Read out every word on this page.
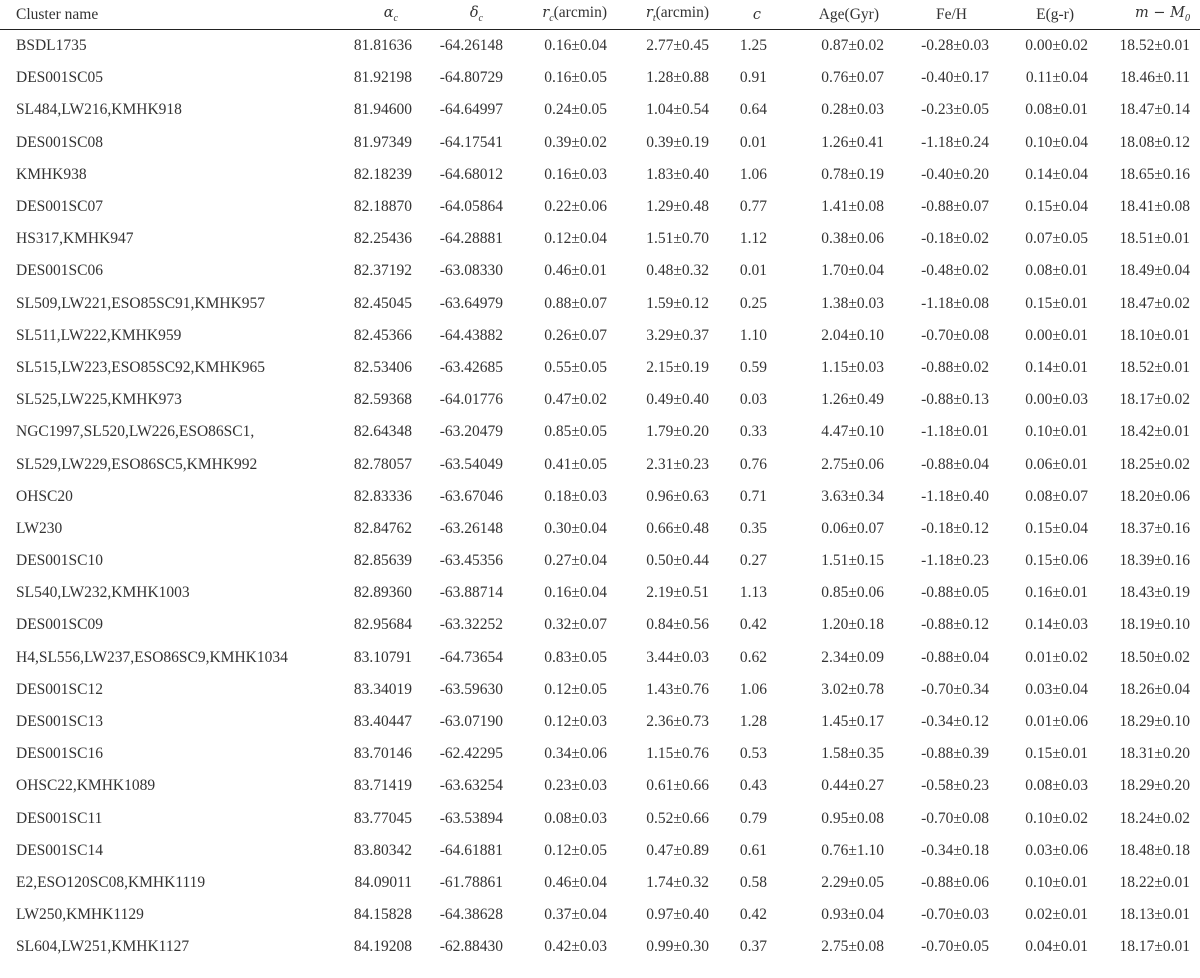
Cluster name	$\alpha_c$	$\delta_c$	$r_c(arcmin)$	$r_t(arcmin)$	c	Age(Gyr)	Fe/H	E(g-r)	$m - M_0$
BSDL1735	81.81636	-64.26148	0.16±0.04	2.77±0.45	1.25	0.87±0.02	-0.28±0.03	0.00±0.02	18.52±0.01
DES001SC05	81.92198	-64.80729	0.16±0.05	1.28±0.88	0.91	0.76±0.07	-0.40±0.17	0.11±0.04	18.46±0.11
SL484,LW216,KMHK918	81.94600	-64.64997	0.24±0.05	1.04±0.54	0.64	0.28±0.03	-0.23±0.05	0.08±0.01	18.47±0.14
DES001SC08	81.97349	-64.17541	0.39±0.02	0.39±0.19	0.01	1.26±0.41	-1.18±0.24	0.10±0.04	18.08±0.12
KMHK938	82.18239	-64.68012	0.16±0.03	1.83±0.40	1.06	0.78±0.19	-0.40±0.20	0.14±0.04	18.65±0.16
DES001SC07	82.18870	-64.05864	0.22±0.06	1.29±0.48	0.77	1.41±0.08	-0.88±0.07	0.15±0.04	18.41±0.08
HS317,KMHK947	82.25436	-64.28881	0.12±0.04	1.51±0.70	1.12	0.38±0.06	-0.18±0.02	0.07±0.05	18.51±0.01
DES001SC06	82.37192	-63.08330	0.46±0.01	0.48±0.32	0.01	1.70±0.04	-0.48±0.02	0.08±0.01	18.49±0.04
SL509,LW221,ESO85SC91,KMHK957	82.45045	-63.64979	0.88±0.07	1.59±0.12	0.25	1.38±0.03	-1.18±0.08	0.15±0.01	18.47±0.02
SL511,LW222,KMHK959	82.45366	-64.43882	0.26±0.07	3.29±0.37	1.10	2.04±0.10	-0.70±0.08	0.00±0.01	18.10±0.01
SL515,LW223,ESO85SC92,KMHK965	82.53406	-63.42685	0.55±0.05	2.15±0.19	0.59	1.15±0.03	-0.88±0.02	0.14±0.01	18.52±0.01
SL525,LW225,KMHK973	82.59368	-64.01776	0.47±0.02	0.49±0.40	0.03	1.26±0.49	-0.88±0.13	0.00±0.03	18.17±0.02
NGC1997,SL520,LW226,ESO86SC1,	82.64348	-63.20479	0.85±0.05	1.79±0.20	0.33	4.47±0.10	-1.18±0.01	0.10±0.01	18.42±0.01
SL529,LW229,ESO86SC5,KMHK992	82.78057	-63.54049	0.41±0.05	2.31±0.23	0.76	2.75±0.06	-0.88±0.04	0.06±0.01	18.25±0.02
OHSC20	82.83336	-63.67046	0.18±0.03	0.96±0.63	0.71	3.63±0.34	-1.18±0.40	0.08±0.07	18.20±0.06
LW230	82.84762	-63.26148	0.30±0.04	0.66±0.48	0.35	0.06±0.07	-0.18±0.12	0.15±0.04	18.37±0.16
DES001SC10	82.85639	-63.45356	0.27±0.04	0.50±0.44	0.27	1.51±0.15	-1.18±0.23	0.15±0.06	18.39±0.16
SL540,LW232,KMHK1003	82.89360	-63.88714	0.16±0.04	2.19±0.51	1.13	0.85±0.06	-0.88±0.05	0.16±0.01	18.43±0.19
DES001SC09	82.95684	-63.32252	0.32±0.07	0.84±0.56	0.42	1.20±0.18	-0.88±0.12	0.14±0.03	18.19±0.10
H4,SL556,LW237,ESO86SC9,KMHK1034	83.10791	-64.73654	0.83±0.05	3.44±0.03	0.62	2.34±0.09	-0.88±0.04	0.01±0.02	18.50±0.02
DES001SC12	83.34019	-63.59630	0.12±0.05	1.43±0.76	1.06	3.02±0.78	-0.70±0.34	0.03±0.04	18.26±0.04
DES001SC13	83.40447	-63.07190	0.12±0.03	2.36±0.73	1.28	1.45±0.17	-0.34±0.12	0.01±0.06	18.29±0.10
DES001SC16	83.70146	-62.42295	0.34±0.06	1.15±0.76	0.53	1.58±0.35	-0.88±0.39	0.15±0.01	18.31±0.20
OHSC22,KMHK1089	83.71419	-63.63254	0.23±0.03	0.61±0.66	0.43	0.44±0.27	-0.58±0.23	0.08±0.03	18.29±0.20
DES001SC11	83.77045	-63.53894	0.08±0.03	0.52±0.66	0.79	0.95±0.08	-0.70±0.08	0.10±0.02	18.24±0.02
DES001SC14	83.80342	-64.61881	0.12±0.05	0.47±0.89	0.61	0.76±1.10	-0.34±0.18	0.03±0.06	18.48±0.18
E2,ESO120SC08,KMHK1119	84.09011	-61.78861	0.46±0.04	1.74±0.32	0.58	2.29±0.05	-0.88±0.06	0.10±0.01	18.22±0.01
LW250,KMHK1129	84.15828	-64.38628	0.37±0.04	0.97±0.40	0.42	0.93±0.04	-0.70±0.03	0.02±0.01	18.13±0.01
SL604,LW251,KMHK1127	84.19208	-62.88430	0.42±0.03	0.99±0.30	0.37	2.75±0.08	-0.70±0.05	0.04±0.01	18.17±0.01
